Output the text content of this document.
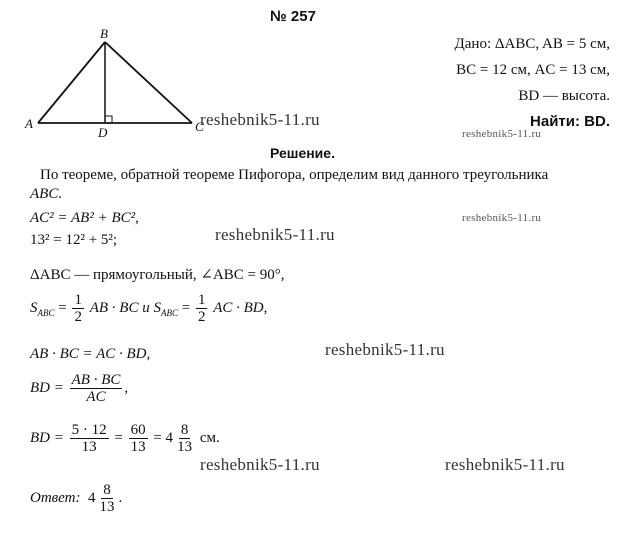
№ 257
A
B
C
D
Дано: ΔABC, AB = 5 см,
BC = 12 см, AC = 13 см,
BD — высота.
Найти: BD.
reshebnik5-11.ru
reshebnik5-11.ru
Решение.
По теореме, обратной теореме Пифогора, определим вид данного треугольника
ABC.
AC² = AB² + BC²,	reshebnik5-11.ru
13² = 12² + 5²;	reshebnik5-11.ru
ΔABC — прямоугольный, ∠ABC = 90°,
$S_{ABC} = \frac{1}{2}$ AB · BC и $S_{ABC} = \frac{1}{2}$ AC · BD,
AB · BC = AC · BD,	reshebnik5-11.ru
BD = $\frac{AB \cdot BC}{AC}$ ,
BD = $\frac{5 \cdot 12}{13} = \frac{60}{13} = 4 \frac{8}{13}$ см.
reshebnik5-11.ru	reshebnik5-11.ru
Ответ: $4 \frac{8}{13}$ .
